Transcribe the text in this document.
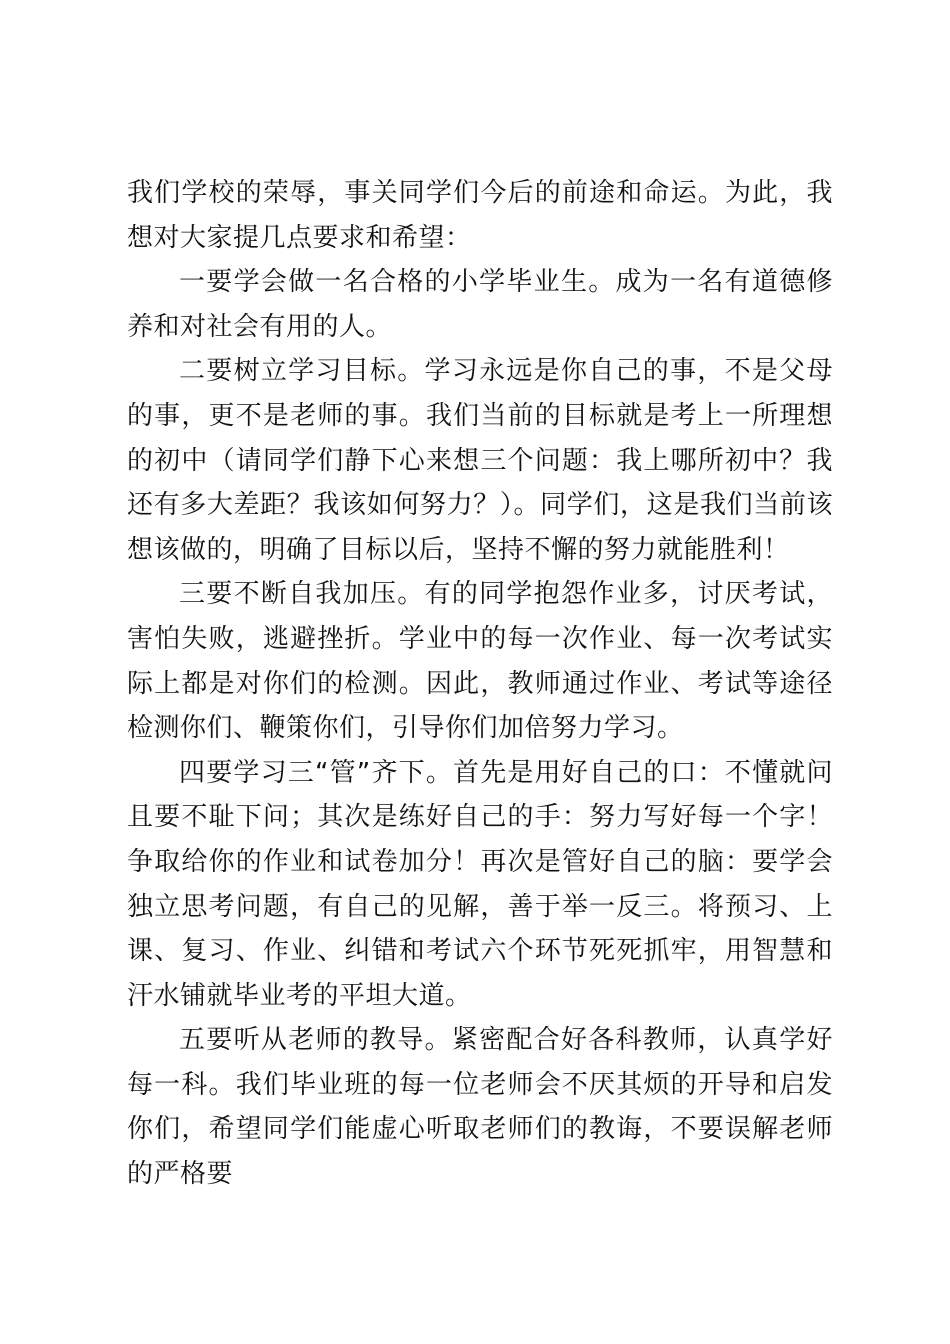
我们学校的荣辱，事关同学们今后的前途和命运。为此，我想对大家提几点要求和希望：

一要学会做一名合格的小学毕业生。成为一名有道德修养和对社会有用的人。

二要树立学习目标。学习永远是你自己的事，不是父母的事，更不是老师的事。我们当前的目标就是考上一所理想的初中（请同学们静下心来想三个问题：我上哪所初中？我还有多大差距？我该如何努力？）。同学们，这是我们当前该想该做的，明确了目标以后，坚持不懈的努力就能胜利！

三要不断自我加压。有的同学抱怨作业多，讨厌考试，害怕失败，逃避挫折。学业中的每一次作业、每一次考试实际上都是对你们的检测。因此，教师通过作业、考试等途径检测你们、鞭策你们，引导你们加倍努力学习。

四要学习三“管”齐下。首先是用好自己的口：不懂就问且要不耻下问；其次是练好自己的手：努力写好每一个字！争取给你的作业和试卷加分！再次是管好自己的脑：要学会独立思考问题，有自己的见解，善于举一反三。将预习、上课、复习、作业、纠错和考试六个环节死死抓牢，用智慧和汗水铺就毕业考的平坦大道。

五要听从老师的教导。紧密配合好各科教师，认真学好每一科。我们毕业班的每一位老师会不厌其烦的开导和启发你们，希望同学们能虚心听取老师们的教诲，不要误解老师的严格要
